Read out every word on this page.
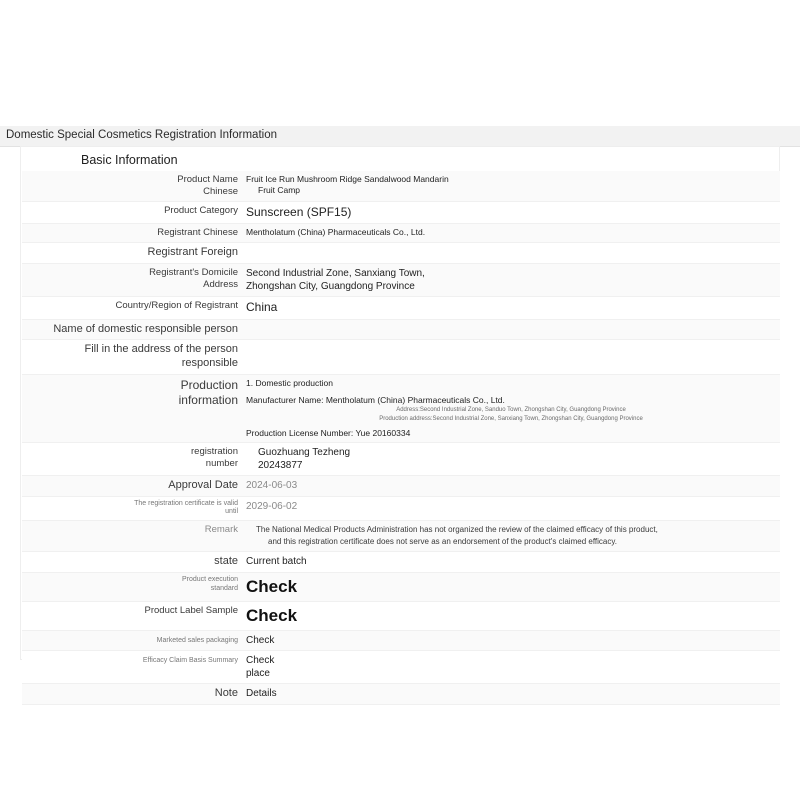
Domestic Special Cosmetics Registration Information
Basic Information
Product Name
Chinese	Fruit Ice Run Mushroom Ridge Sandalwood Mandarin
Fruit Camp

Product Category	Sunscreen (SPF15)
Registrant Chinese	Mentholatum (China) Pharmaceuticals Co., Ltd.
Registrant Foreign	

Registrant's Domicile
Address	Second Industrial Zone, Sanxiang Town,
Zhongshan City, Guangdong Province

Country/Region of Registrant	China
Name of domestic responsible person	
Fill in the address of the person responsible	

Production
information	1. Domestic production
Manufacturer Name: Mentholatum (China) Pharmaceuticals Co., Ltd.
Address:Second Industrial Zone, Sanduo Town, Zhongshan City, Guangdong Province
Production address:Second Industrial Zone, Sanxiang Town, Zhongshan City, Guangdong Province
Production License Number: Yue 20160334

registration
number	Guozhuang Tezheng
20243877

Approval Date	2024-06-03

The registration certificate is valid
until	2029-06-02
Remark	The National Medical Products Administration has not organized the review of the claimed efficacy of this product,
and this registration certificate does not serve as an endorsement of the product's claimed efficacy.

state	Current batch

Product execution
standard	Check
Product Label Sample	Check
Marketed sales packaging	Check
Efficacy Claim Basis Summary	Check
place

Note	Details
